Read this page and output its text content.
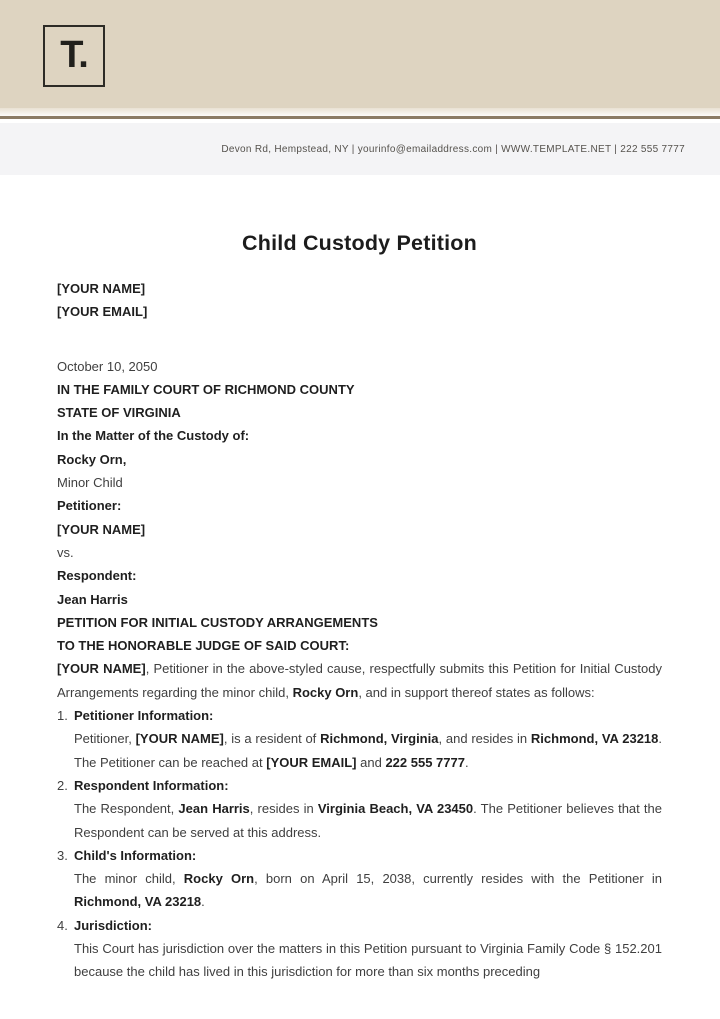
T.
Devon Rd, Hempstead, NY | yourinfo@emailaddress.com | WWW.TEMPLATE.NET | 222 555 7777
Child Custody Petition
[YOUR NAME]
[YOUR EMAIL]
October 10, 2050
IN THE FAMILY COURT OF RICHMOND COUNTY
STATE OF VIRGINIA
In the Matter of the Custody of:
Rocky Orn,
Minor Child
Petitioner:
[YOUR NAME]
vs.
Respondent:
Jean Harris
PETITION FOR INITIAL CUSTODY ARRANGEMENTS
TO THE HONORABLE JUDGE OF SAID COURT:

[YOUR NAME], Petitioner in the above-styled cause, respectfully submits this Petition for Initial Custody Arrangements regarding the minor child, Rocky Orn, and in support thereof states as follows:

1. Petitioner Information:

Petitioner, [YOUR NAME], is a resident of Richmond, Virginia, and resides in Richmond, VA 23218. The Petitioner can be reached at [YOUR EMAIL] and 222 555 7777.

2. Respondent Information:

The Respondent, Jean Harris, resides in Virginia Beach, VA 23450. The Petitioner believes that the Respondent can be served at this address.

3. Child's Information:

The minor child, Rocky Orn, born on April 15, 2038, currently resides with the Petitioner in Richmond, VA 23218.

4. Jurisdiction:

This Court has jurisdiction over the matters in this Petition pursuant to Virginia Family Code § 152.201 because the child has lived in this jurisdiction for more than six months preceding
